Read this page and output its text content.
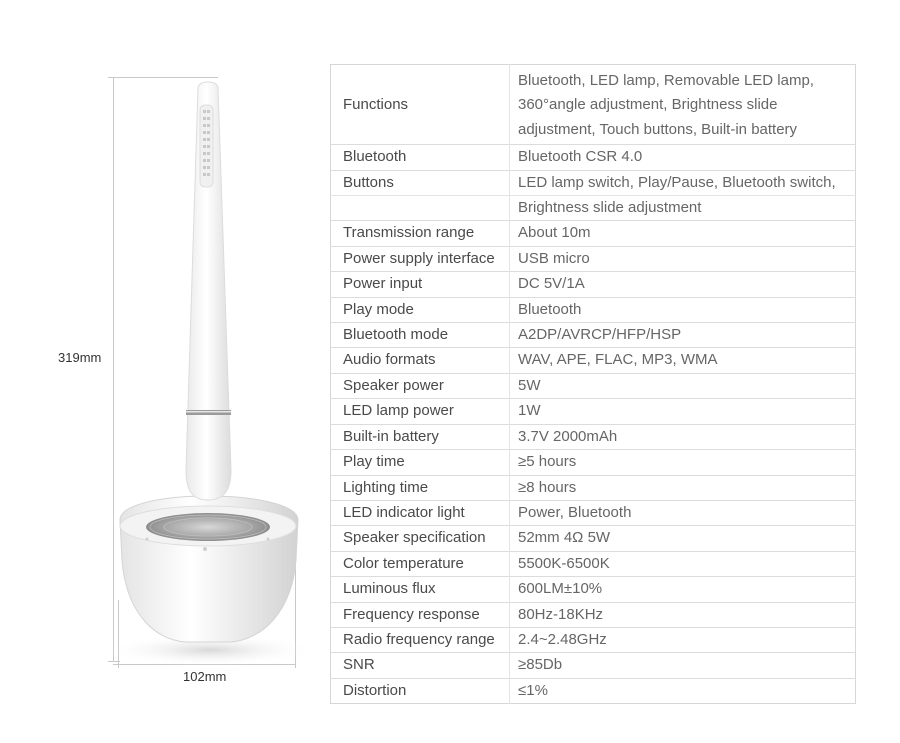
319mm
102mm
Functions	Bluetooth, LED lamp, Removable LED lamp, 360°angle adjustment, Brightness slide adjustment, Touch buttons, Built-in battery
Bluetooth	Bluetooth CSR 4.0
Buttons	LED lamp switch, Play/Pause, Bluetooth switch,
	Brightness slide adjustment
Transmission range	About 10m
Power supply interface	USB micro
Power input	DC 5V/1A
Play mode	Bluetooth
Bluetooth mode	A2DP/AVRCP/HFP/HSP
Audio formats	WAV, APE, FLAC, MP3, WMA
Speaker power	5W
LED lamp power	1W
Built-in battery	3.7V 2000mAh
Play time	≥5 hours
Lighting time	≥8 hours
LED indicator light	Power, Bluetooth
Speaker specification	52mm 4Ω 5W
Color temperature	5500K-6500K
Luminous flux	600LM±10%
Frequency response	80Hz-18KHz
Radio frequency range	2.4~2.48GHz
SNR	≥85Db
Distortion	≤1%
